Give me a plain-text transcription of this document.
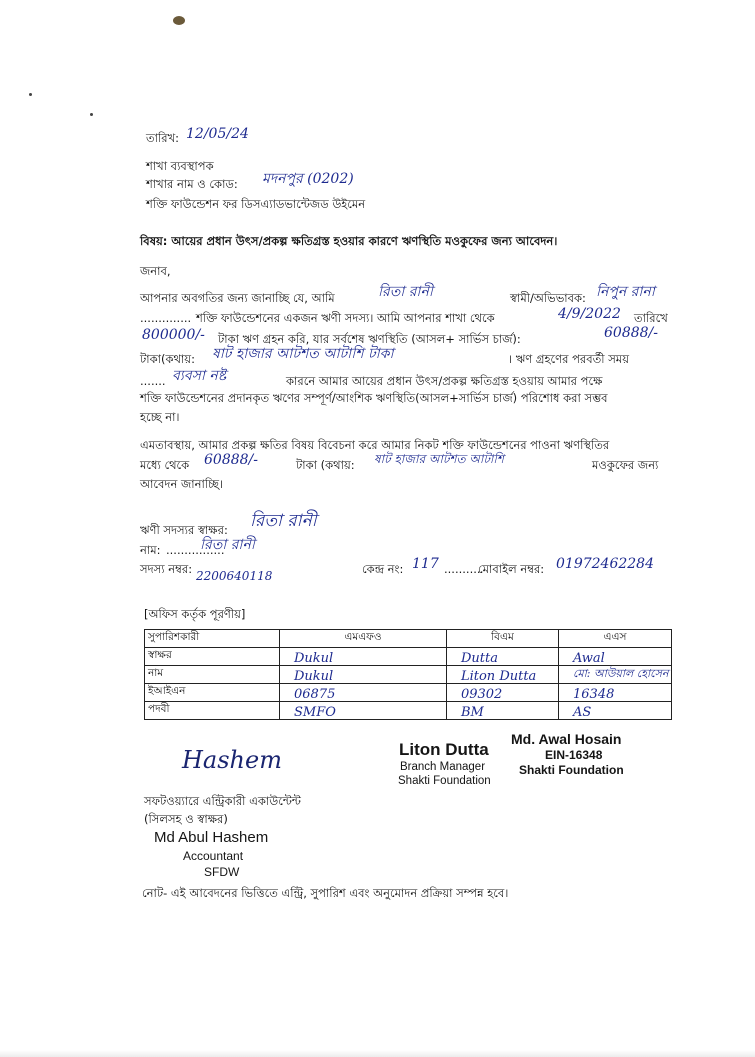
তারিখ: 12/05/24
শাখা ব্যবস্থাপক
শাখার নাম ও কোড: মদনপুর (0202)
শক্তি ফাউন্ডেশন ফর ডিসএ্যাডভান্টেজড উইমেন
বিষয়: আয়ের প্রধান উৎস/প্রকল্প ক্ষতিগ্রস্ত হওয়ার কারণে ঋণস্থিতি মওকুফের জন্য আবেদন।
জনাব,
আপনার অবগতির জন্য জানাচ্ছি যে, আমি	রিতা রানী	স্বামী/অভিভাবক: নিপুন রানা
.............. শক্তি ফাউন্ডেশনের একজন ঋণী সদস্য। আমি আপনার শাখা থেকে	4/9/2022 তারিখে
800000/- টাকা ঋণ গ্রহন করি, যার সর্বশেষ ঋণস্থিতি (আসল+ সার্ভিস চার্জ):	60888/-
টাকা(কথায়: ষাট হাজার আটশত আটাশি টাকা	। ঋণ গ্রহণের পরবর্তী সময়
....... ব্যবসা নষ্ট	কারনে আমার আয়ের প্রধান উৎস/প্রকল্প ক্ষতিগ্রস্ত হওয়ায় আমার পক্ষে
শক্তি ফাউন্ডেশনের প্রদানকৃত ঋণের সম্পূর্ণ/আংশিক ঋণস্থিতি(আসল+সার্ভিস চার্জ) পরিশোধ করা সম্ভব
হচ্ছে না।
এমতাবস্থায়, আমার প্রকল্প ক্ষতির বিষয় বিবেচনা করে আমার নিকট শক্তি ফাউন্ডেশনের পাওনা ঋণস্থিতির
মধ্যে থেকে 60888/-	টাকা (কথায়: ষাট হাজার আটশত আটাশি	মওকুফের জন্য
আবেদন জানাচ্ছি।
ঋণী সদস্যর স্বাক্ষর: রিতা রানী
নাম: ................
রিতা রানী
সদস্য নম্বর: 2200640118	কেন্দ্র নং: 117 ..........
মোবাইল নম্বর: 01972462284
[অফিস কর্তৃক পূরণীয়]
সুপারিশকারী	এমএফও	বিএম	এএস
স্বাক্ষর	Dukul	Dutta	Awal

নাম	Dukul	Liton Dutta	মো: আউয়াল হোসেন

ইআইএন	06875	09302	16348

পদবী	SMFO	BM	AS
Hashem	Liton Dutta
Branch Manager
Shakti Foundation
Md. Awal Hosain
EIN-16348
Shakti Foundation
সফটওয়্যারে এন্ট্রিকারী একাউন্টেন্ট
(সিলসহ ও স্বাক্ষর)
Md Abul Hashem
Accountant
SFDW
নোট- এই আবেদনের ভিত্তিতে এন্ট্রি, সুপারিশ এবং অনুমোদন প্রক্রিয়া সম্পন্ন হবে।
